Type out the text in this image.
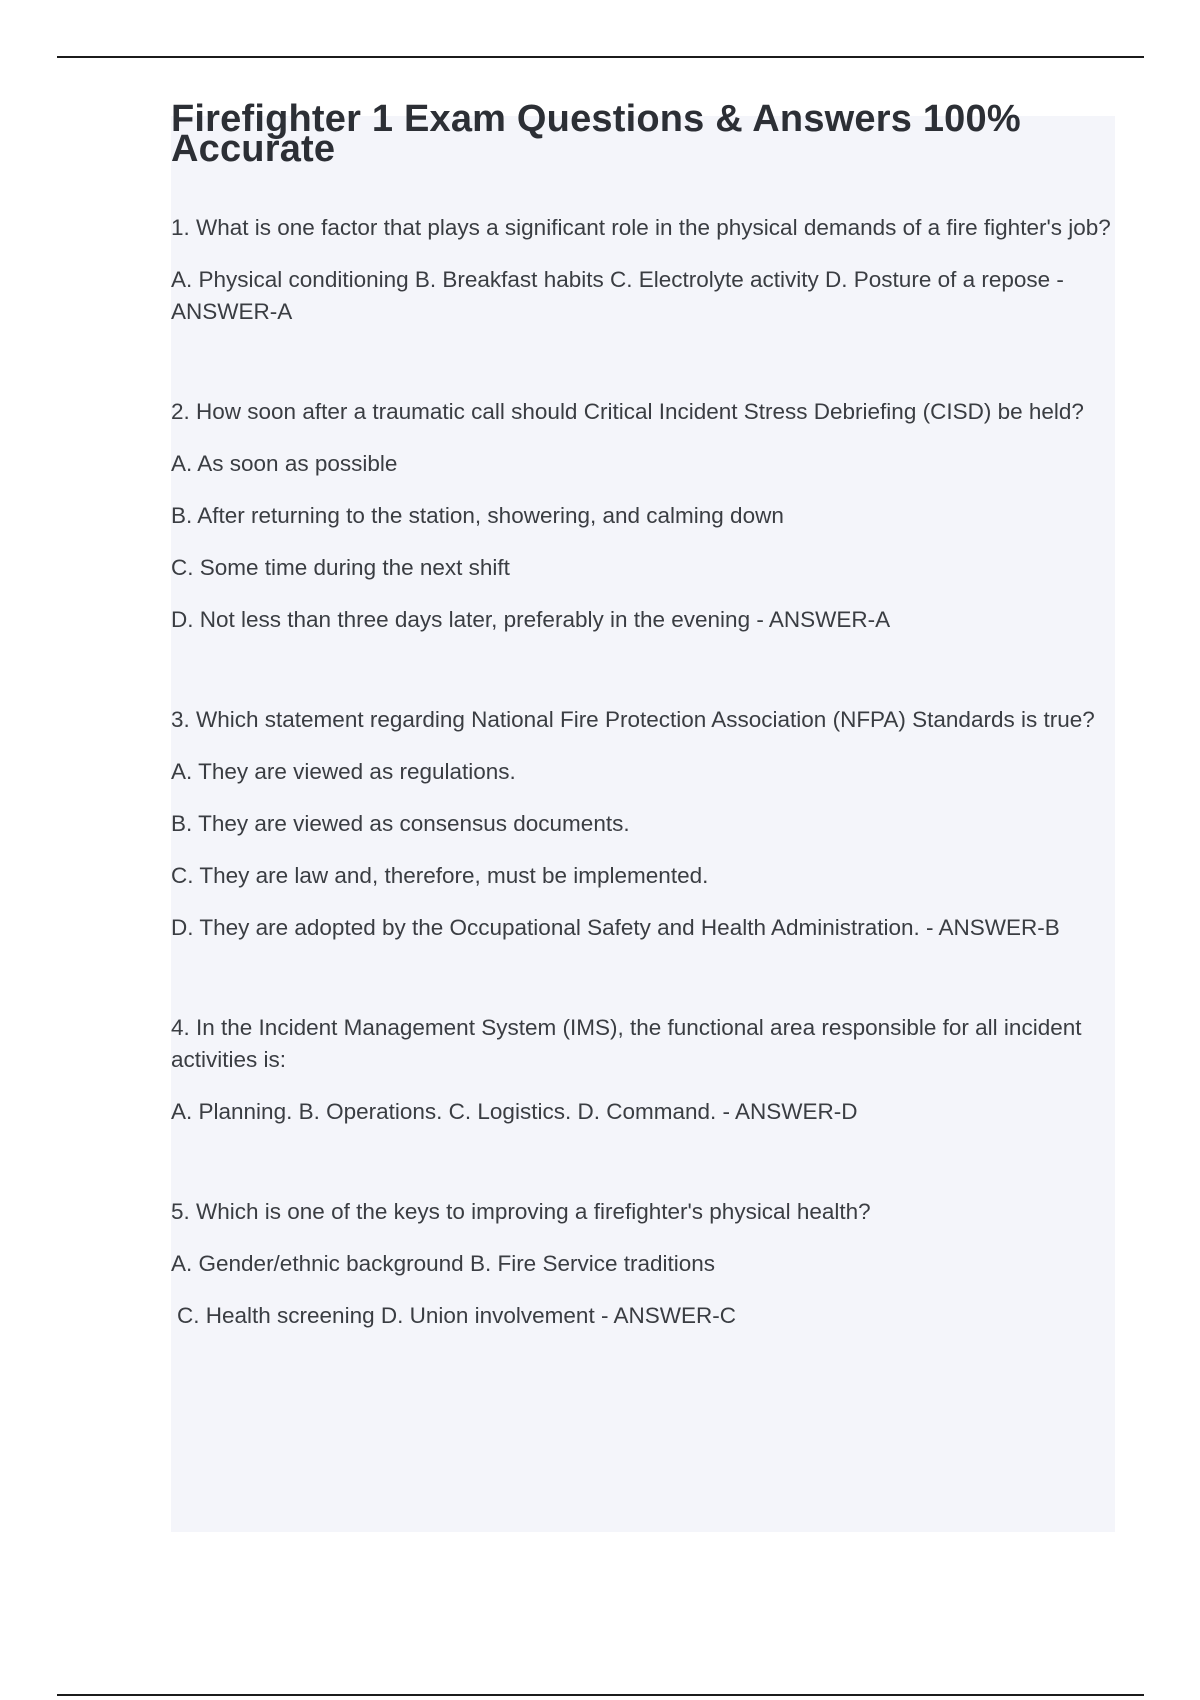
Firefighter 1 Exam Questions & Answers 100% Accurate

1. What is one factor that plays a significant role in the physical demands of a fire fighter's job?

A. Physical conditioning B. Breakfast habits C. Electrolyte activity D. Posture of a repose - ANSWER-A

2. How soon after a traumatic call should Critical Incident Stress Debriefing (CISD) be held?

A. As soon as possible

B. After returning to the station, showering, and calming down

C. Some time during the next shift

D. Not less than three days later, preferably in the evening - ANSWER-A

3. Which statement regarding National Fire Protection Association (NFPA) Standards is true?

A. They are viewed as regulations.

B. They are viewed as consensus documents.

C. They are law and, therefore, must be implemented.

D. They are adopted by the Occupational Safety and Health Administration. - ANSWER-B

4. In the Incident Management System (IMS), the functional area responsible for all incident activities is:

A. Planning. B. Operations. C. Logistics. D. Command. - ANSWER-D

5. Which is one of the keys to improving a firefighter's physical health?

A. Gender/ethnic background B. Fire Service traditions

C. Health screening D. Union involvement - ANSWER-C
